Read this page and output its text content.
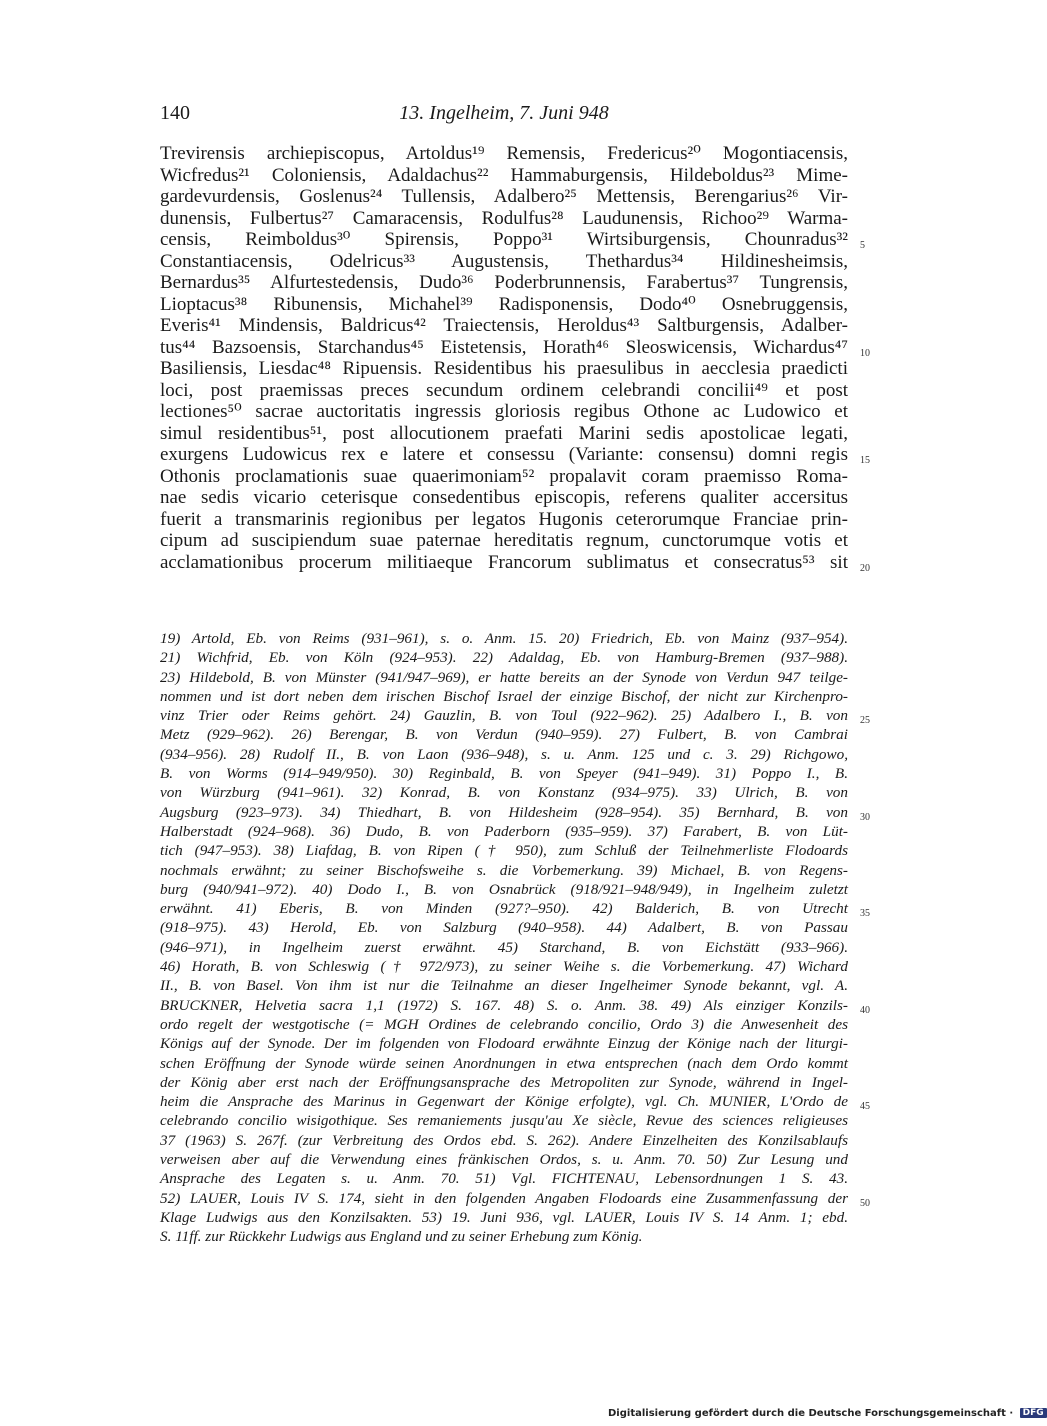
140	13. Ingelheim, 7. Juni 948
Trevirensis archiepiscopus, Artoldus¹⁹ Remensis, Fredericus²⁰ Mogontiacensis,
Wicfredus²¹ Coloniensis, Adaldachus²² Hammaburgensis, Hildeboldus²³ Mime-
gardevurdensis, Goslenus²⁴ Tullensis, Adalbero²⁵ Mettensis, Berengarius²⁶ Vir-
dunensis, Fulbertus²⁷ Camaracensis, Rodulfus²⁸ Laudunensis, Richoo²⁹ Warma-
censis, Reimboldus³⁰ Spirensis, Poppo³¹ Wirtsiburgensis, Chounradus³² 5
Constantiacensis, Odelricus³³ Augustensis, Thethardus³⁴ Hildinesheimsis,
Bernardus³⁵ Alfurtestedensis, Dudo³⁶ Poderbrunnensis, Farabertus³⁷ Tungrensis,
Lioptacus³⁸ Ribunensis, Michahel³⁹ Radisponensis, Dodo⁴⁰ Osnebruggensis,
Everis⁴¹ Mindensis, Baldricus⁴² Traiectensis, Heroldus⁴³ Saltburgensis, Adalber-
tus⁴⁴ Bazsoensis, Starchandus⁴⁵ Eistetensis, Horath⁴⁶ Sleoswicensis, Wichardus⁴⁷ 10
Basiliensis, Liesdac⁴⁸ Ripuensis. Residentibus his praesulibus in aecclesia praedicti
loci, post praemissas preces secundum ordinem celebrandi concilii⁴⁹ et post
lectiones⁵⁰ sacrae auctoritatis ingressis gloriosis regibus Othone ac Ludowico et
simul residentibus⁵¹, post allocutionem praefati Marini sedis apostolicae legati,
exurgens Ludowicus rex e latere et consessu (Variante: consensu) domni regis 15
Othonis proclamationis suae quaerimoniam⁵² propalavit coram praemisso Roma-
nae sedis vicario ceterisque consedentibus episcopis, referens qualiter accersitus
fuerit a transmarinis regionibus per legatos Hugonis ceterorumque Franciae prin-
cipum ad suscipiendum suae paternae hereditatis regnum, cunctorumque votis et
acclamationibus procerum militiaeque Francorum sublimatus et consecratus⁵³ sit 20
19) Artold, Eb. von Reims (931–961), s. o. Anm. 15. 20) Friedrich, Eb. von Mainz (937–954).
21) Wichfrid, Eb. von Köln (924–953). 22) Adaldag, Eb. von Hamburg-Bremen (937–988).
23) Hildebold, B. von Münster (941/947–969), er hatte bereits an der Synode von Verdun 947 teilge-
nommen und ist dort neben dem irischen Bischof Israel der einzige Bischof, der nicht zur Kirchenpro-
vinz Trier oder Reims gehört. 24) Gauzlin, B. von Toul (922–962). 25) Adalbero I., B. von 25
Metz (929–962). 26) Berengar, B. von Verdun (940–959). 27) Fulbert, B. von Cambrai
(934–956). 28) Rudolf II., B. von Laon (936–948), s. u. Anm. 125 und c. 3. 29) Richgowo,
B. von Worms (914–949/950). 30) Reginbald, B. von Speyer (941–949). 31) Poppo I., B.
von Würzburg (941–961). 32) Konrad, B. von Konstanz (934–975). 33) Ulrich, B. von
Augsburg (923–973). 34) Thiedhart, B. von Hildesheim (928–954). 35) Bernhard, B. von 30
Halberstadt (924–968). 36) Dudo, B. von Paderborn (935–959). 37) Farabert, B. von Lüt-
tich (947–953). 38) Liafdag, B. von Ripen († 950), zum Schluß der Teilnehmerliste Flodoards
nochmals erwähnt; zu seiner Bischofsweihe s. die Vorbemerkung. 39) Michael, B. von Regens-
burg (940/941–972). 40) Dodo I., B. von Osnabrück (918/921–948/949), in Ingelheim zuletzt
erwähnt. 41) Eberis, B. von Minden (927?–950). 42) Balderich, B. von Utrecht 35
(918–975). 43) Herold, Eb. von Salzburg (940–958). 44) Adalbert, B. von Passau
(946–971), in Ingelheim zuerst erwähnt. 45) Starchand, B. von Eichstätt (933–966).
46) Horath, B. von Schleswig († 972/973), zu seiner Weihe s. die Vorbemerkung. 47) Wichard
II., B. von Basel. Von ihm ist nur die Teilnahme an dieser Ingelheimer Synode bekannt, vgl. A.
BRUCKNER, Helvetia sacra 1,1 (1972) S. 167. 48) S. o. Anm. 38. 49) Als einziger Konzils- 40
ordo regelt der westgotische (= MGH Ordines de celebrando concilio, Ordo 3) die Anwesenheit des
Königs auf der Synode. Der im folgenden von Flodoard erwähnte Einzug der Könige nach der liturgi-
schen Eröffnung der Synode würde seinen Anordnungen in etwa entsprechen (nach dem Ordo kommt
der König aber erst nach der Eröffnungsansprache des Metropoliten zur Synode, während in Ingel-
heim die Ansprache des Marinus in Gegenwart der Könige erfolgte), vgl. Ch. MUNIER, L'Ordo de 45
celebrando concilio wisigothique. Ses remaniements jusqu'au Xe siècle, Revue des sciences religieuses
37 (1963) S. 267f. (zur Verbreitung des Ordos ebd. S. 262). Andere Einzelheiten des Konzilsablaufs
verweisen aber auf die Verwendung eines fränkischen Ordos, s. u. Anm. 70. 50) Zur Lesung und
Ansprache des Legaten s. u. Anm. 70. 51) Vgl. FICHTENAU, Lebensordnungen 1 S. 43.
52) LAUER, Louis IV S. 174, sieht in den folgenden Angaben Flodoards eine Zusammenfassung der 50
Klage Ludwigs aus den Konzilsakten. 53) 19. Juni 936, vgl. LAUER, Louis IV S. 14 Anm. 1; ebd.
S. 11ff. zur Rückkehr Ludwigs aus England und zu seiner Erhebung zum König.
Digitalisierung gefördert durch die Deutsche Forschungsgemeinschaft · DFG
